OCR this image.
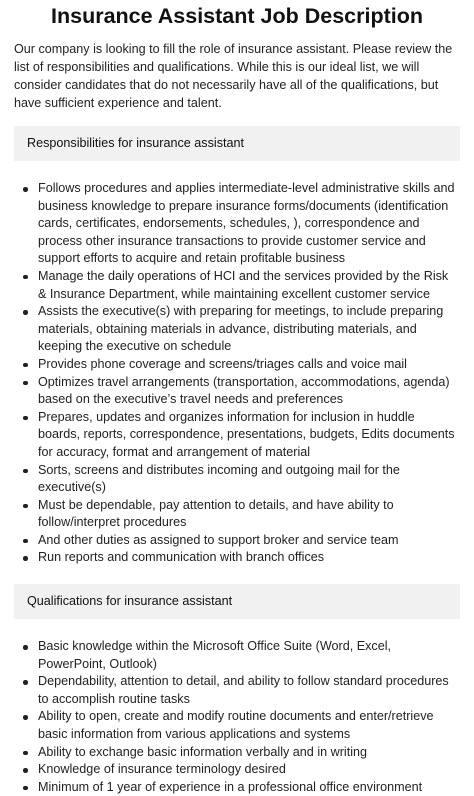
Insurance Assistant Job Description

Our company is looking to fill the role of insurance assistant. Please review the list of responsibilities and qualifications. While this is our ideal list, we will consider candidates that do not necessarily have all of the qualifications, but have sufficient experience and talent.

Responsibilities for insurance assistant
Follows procedures and applies intermediate-level administrative skills and business knowledge to prepare insurance forms/documents (identification cards, certificates, endorsements, schedules, ), correspondence and process other insurance transactions to provide customer service and support efforts to acquire and retain profitable business
Manage the daily operations of HCI and the services provided by the Risk & Insurance Department, while maintaining excellent customer service
Assists the executive(s) with preparing for meetings, to include preparing materials, obtaining materials in advance, distributing materials, and keeping the executive on schedule
Provides phone coverage and screens/triages calls and voice mail
Optimizes travel arrangements (transportation, accommodations, agenda) based on the executive’s travel needs and preferences
Prepares, updates and organizes information for inclusion in huddle boards, reports, correspondence, presentations, budgets, Edits documents for accuracy, format and arrangement of material
Sorts, screens and distributes incoming and outgoing mail for the executive(s)
Must be dependable, pay attention to details, and have ability to follow/interpret procedures
And other duties as assigned to support broker and service team
Run reports and communication with branch offices
Qualifications for insurance assistant
Basic knowledge within the Microsoft Office Suite (Word, Excel, PowerPoint, Outlook)
Dependability, attention to detail, and ability to follow standard procedures to accomplish routine tasks
Ability to open, create and modify routine documents and enter/retrieve basic information from various applications and systems
Ability to exchange basic information verbally and in writing
Knowledge of insurance terminology desired
Minimum of 1 year of experience in a professional office environment
